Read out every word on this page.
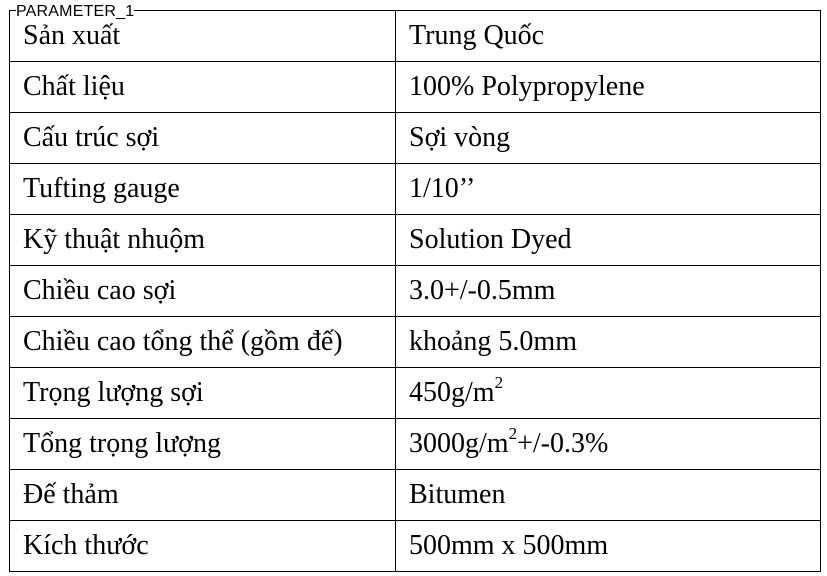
PARAMETER_1
Sản xuất	Trung Quốc
Chất liệu	100% Polypropylene
Cấu trúc sợi	Sợi vòng
Tufting gauge	1/10’’
Kỹ thuật nhuộm	Solution Dyed
Chiều cao sợi	3.0+/-0.5mm
Chiều cao tổng thể (gồm đế)	khoảng 5.0mm
Trọng lượng sợi	$450g/m^2$
Tổng trọng lượng	$3000g/m^2+/-0.3\%$
Đế thảm	Bitumen
Kích thước	500mm x 500mm
